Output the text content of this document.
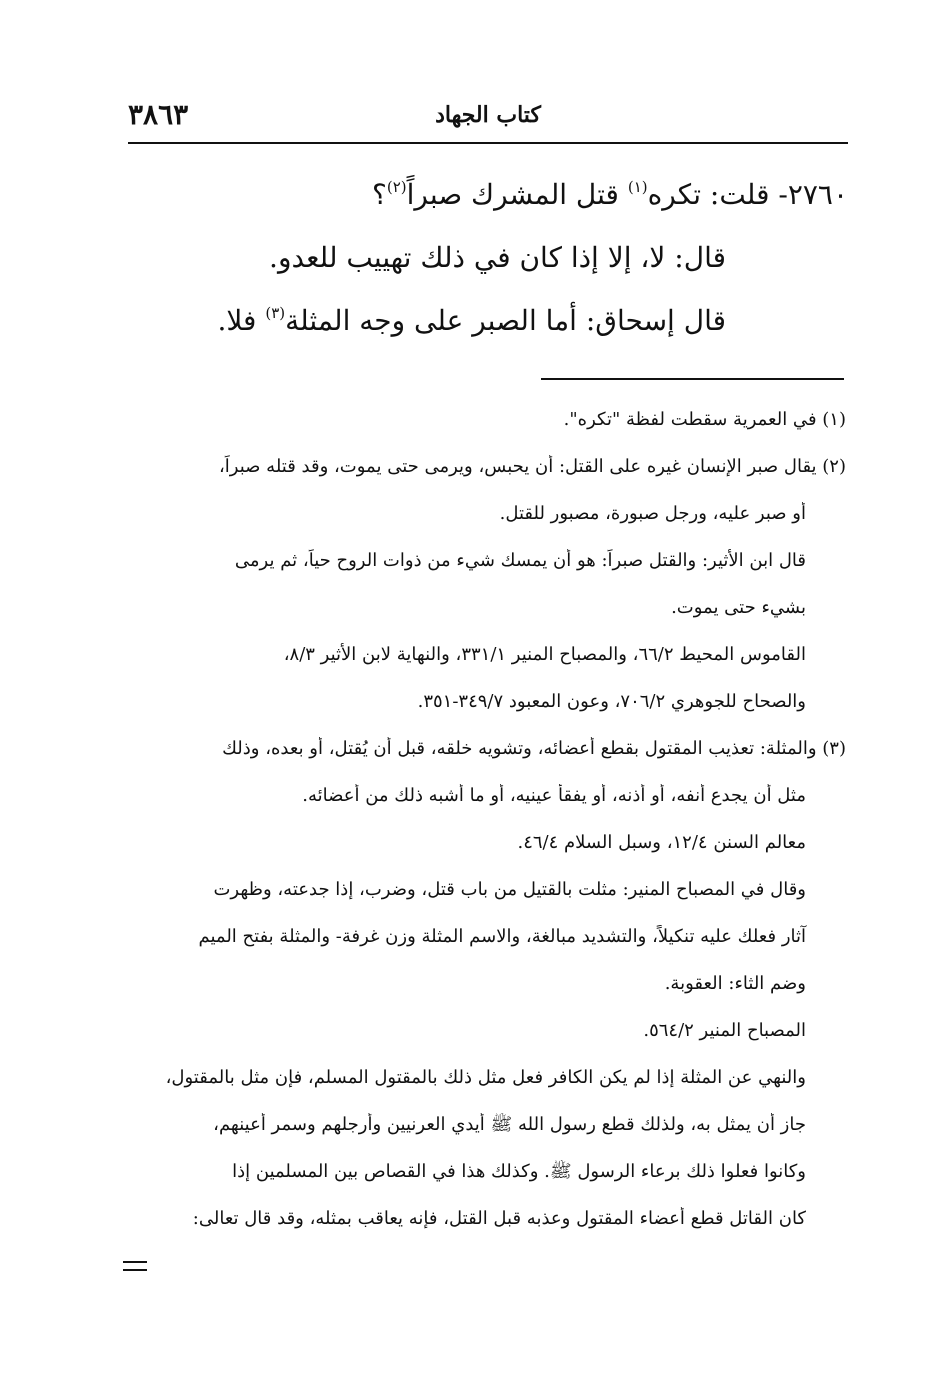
٣٨٦٣	كتاب الجهاد
٢٧٦٠- قلت: تكره$^{(١)}$ قتل المشرك صبراً$^{(٢)}$؟
قال: لا، إلا إذا كان في ذلك تهييب للعدو.
قال إسحاق: أما الصبر على وجه المثلة$^{(٣)}$ فلا.
(١) في العمرية سقطت لفظة "تكره".
(٢) يقال صبر الإنسان غيره على القتل: أن يحبس، ويرمى حتى يموت، وقد قتله صبراً،
أو صبر عليه، ورجل صبورة، مصبور للقتل.
قال ابن الأثير: والقتل صبراً: هو أن يمسك شيء من ذوات الروح حياً، ثم يرمى
بشيء حتى يموت.
القاموس المحيط ٦٦/٢، والمصباح المنير ٣٣١/١، والنهاية لابن الأثير ٨/٣،
والصحاح للجوهري ٧٠٦/٢، وعون المعبود ٣٤٩/٧-٣٥١.
(٣) والمثلة: تعذيب المقتول بقطع أعضائه، وتشويه خلقه، قبل أن يُقتل، أو بعده، وذلك
مثل أن يجدع أنفه، أو أذنه، أو يفقأ عينيه، أو ما أشبه ذلك من أعضائه.
معالم السنن ١٢/٤، وسبل السلام ٤٦/٤.
وقال في المصباح المنير: مثلت بالقتيل من باب قتل، وضرب، إذا جدعته، وظهرت
آثار فعلك عليه تنكيلاً، والتشديد مبالغة، والاسم المثلة وزن غرفة- والمثلة بفتح الميم
وضم الثاء: العقوبة.
المصباح المنير ٥٦٤/٢.
والنهي عن المثلة إذا لم يكن الكافر فعل مثل ذلك بالمقتول المسلم، فإن مثل بالمقتول،
جاز أن يمثل به، ولذلك قطع رسول الله ﷺ أيدي العرنيين وأرجلهم وسمر أعينهم،
وكانوا فعلوا ذلك برعاء الرسول ﷺ. وكذلك هذا في القصاص بين المسلمين إذا
كان القاتل قطع أعضاء المقتول وعذبه قبل القتل، فإنه يعاقب بمثله، وقد قال تعالى:
